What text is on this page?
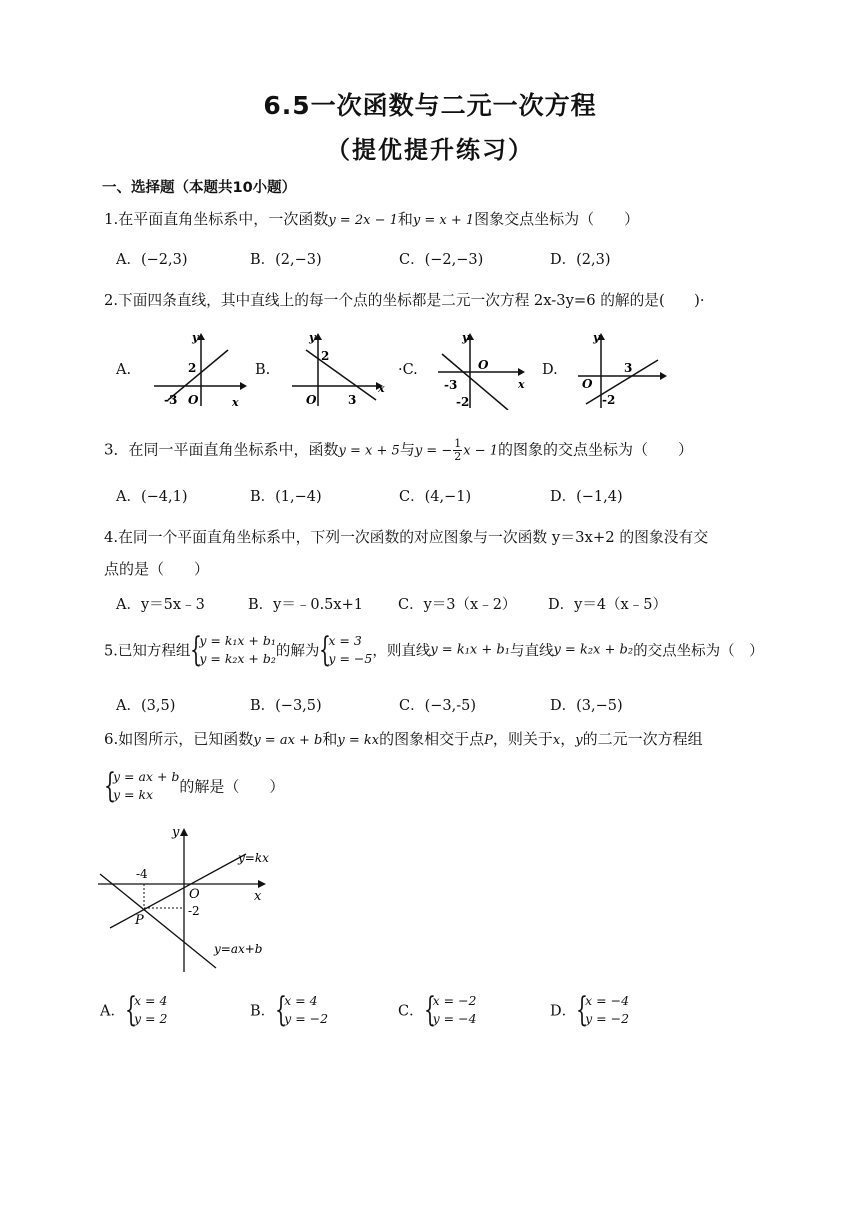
6.5一次函数与二元一次方程
（提优提升练习）
一、选择题（本题共10小题）
1.在平面直角坐标系中，一次函数y = 2x − 1和y = x + 1图象交点坐标为（　　）
A．(−2,3)	B．(2,−3)	C．(−2,−3)	D．(2,3)
2.下面四条直线，其中直线上的每一个点的坐标都是二元一次方程 2x-3y=6 的解的是(　　)·
A.
y
x
2
-3 O
B.
y
x
2
3
O
·C.
y
x
O
-3
-2
D.
y
O
3
-2
3．在同一平面直角坐标系中，函数y = x + 5与y = − $\frac{1}{2}$ x − 1的图象的交点坐标为（　　）
A．(−4,1)	B．(1,−4)	C．(4,−1)	D．(−1,4)
4.在同一个平面直角坐标系中，下列一次函数的对应图象与一次函数 y＝3x+2 的图象没有交
点的是（　　）
A．y＝5x﹣3	B．y＝﹣0.5x+1 C．y＝3（x﹣2） D．y＝4（x﹣5）
5.已知方程组 {
y = k₁x + b₁
y = k₂x + b₂ 的解为 {
x = 3
y = −5 ，则直线y = k₁x + b₁与直线y = k₂x + b₂的交点坐标为（　）
A．(3,5)	B．(−3,5)	C．(−3,-5)	D．(3,−5)
6.如图所示，已知函数y = ax + b和y = kx的图象相交于点P，则关于x，y的二元一次方程组
{
y = ax + b
y = kx	的解是（　　）
y
x
O
P
-4
-2
y=kx
y=ax+b
A． {
x = 4
y = 2	B． {
x = 4
y = −2	C． {
x = −2
y = −4	D． {
x = −4
y = −2
